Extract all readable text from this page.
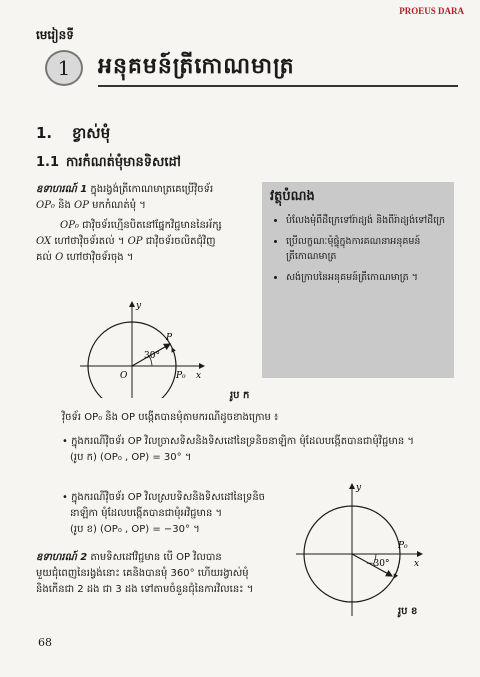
PROEUS DARA
មេរៀនទី
1 អនុគមន៍ត្រីកោណមាត្រ
1. ខ្វាស់មុំ
1.1 ការកំណត់មុំមានទិសដៅ
ឧទាហរណ៍ 1 ក្នុងរង្វង់ត្រីកោណមាត្រគេប្រើវ៉ិចទ័រ
OP₀ និង OP មកកំណត់មុំ ។
OP₀ ជាវ៉ិចទ័រហ្មើនបិតនៅផ្នែកវិជ្ជមាននៃអ័ក្ស
OX ហៅថាវ៉ិចទ័រតល់ ។ OP ជាវ៉ិចទ័រចលិតជុំវិញ
គល់ O ហៅថាវ៉ិចទ័រចុង ។
វត្ថុបំណង
• បំលែងមុំពីដឺក្រេទៅរ៉ាដ្យង់ និងពីរ៉ាដ្យង់ទៅដឺក្រេ
• ប្រើលក្ខណៈមុំផ្ទុំក្នុងការគណនាអនុគមន៍ត្រីកោណមាត្រ
• សង់ក្រាបនៃអនុគមន៍ត្រីកោណមាត្រ ។
30°
O
P
P₀ x
y
រូប ក
វ៉ិចទ័រ OP₀ និង OP បង្កើតបានមុំតាមករណីដូចខាងក្រោម ៖
• ក្នុងករណីវ៉ិចទ័រ OP វិលច្រាសទិសនិងទិសដៅនៃទ្រនិចនាឡិកា មុំដែលបង្កើតបានជាមុំវិជ្ជមាន ។
(រូប ក) (OP₀ , OP) = 30° ។
• ក្នុងករណីវ៉ិចទ័រ OP វិលស្របទិសនិងទិសដៅនៃទ្រនិច
នាឡិកា មុំដែលបង្កើតបានជាមុំអវិជ្ជមាន ។
(រូប ខ) (OP₀ , OP) = −30° ។
−30°
P₀
x
y
រូប ខ
ឧទាហរណ៍ 2 តាមទិសដៅវិជ្ជមាន បើ OP វិលបាន
មួយជុំពេញនៃរង្វង់នោះ គេនិងបានមុំ 360° ហើយរង្វាស់មុំ
និងកើនជា 2 ដង ជា 3 ដង ទៅតាមចំនួនជុំនៃការវិលនេះ ។
68
